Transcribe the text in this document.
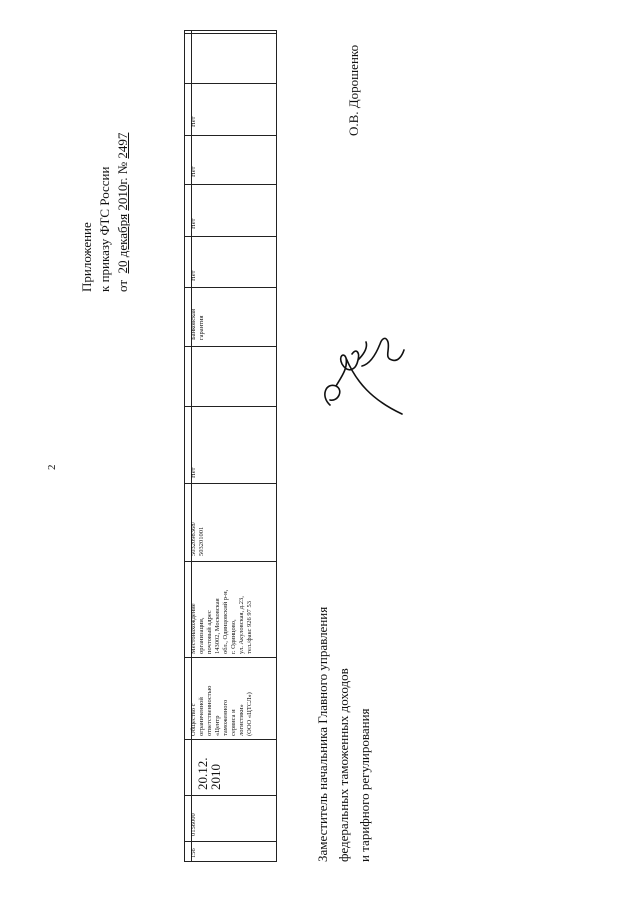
2
Приложение к приказу ФТС России от  20 декабря 2010г. № 2497
О.В. Дорошенко
Заместитель начальника Главного управления федеральных таможенных доходов и тарифного регулирования
156
0156000
20.12.
2010
Общество с ограниченной ответственностью «Центр таможенного сервиса и логистики» (ООО «ЦТСЛ»)
Местонахождение организации, почтовый адрес 143002, Московская обл., Одинцовский р-н, г. Одинцово, ул. Акуловская, д.23, тел./факс 926 97 53
5032098368/ 503201001
Нет
Банковская гарантия
Нет
Нет
Нет
Нет
